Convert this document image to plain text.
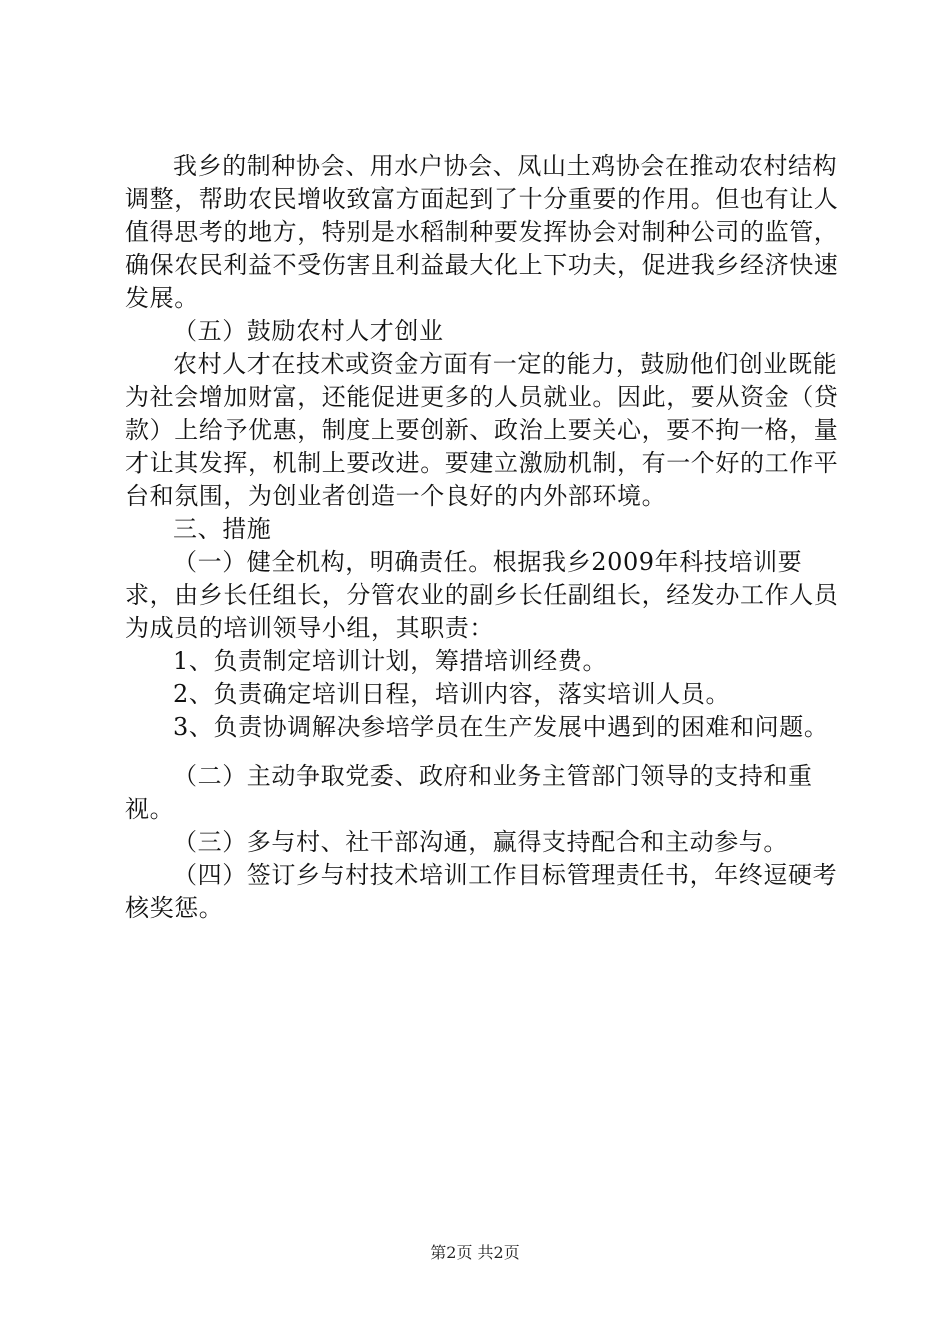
我乡的制种协会、用水户协会、凤山土鸡协会在推动农村结构调整，帮助农民增收致富方面起到了十分重要的作用。但也有让人值得思考的地方，特别是水稻制种要发挥协会对制种公司的监管，确保农民利益不受伤害且利益最大化上下功夫，促进我乡经济快速发展。

（五）鼓励农村人才创业

农村人才在技术或资金方面有一定的能力，鼓励他们创业既能为社会增加财富，还能促进更多的人员就业。因此，要从资金（贷款）上给予优惠，制度上要创新、政治上要关心，要不拘一格，量才让其发挥，机制上要改进。要建立激励机制，有一个好的工作平台和氛围，为创业者创造一个良好的内外部环境。

三、措施

（一）健全机构，明确责任。根据我乡2009年科技培训要求，由乡长任组长，分管农业的副乡长任副组长，经发办工作人员为成员的培训领导小组，其职责：

1、负责制定培训计划，筹措培训经费。

2、负责确定培训日程，培训内容，落实培训人员。

3、负责协调解决参培学员在生产发展中遇到的困难和问题。

（二）主动争取党委、政府和业务主管部门领导的支持和重视。

（三）多与村、社干部沟通，赢得支持配合和主动参与。

（四）签订乡与村技术培训工作目标管理责任书，年终逗硬考核奖惩。

第2页 共2页
